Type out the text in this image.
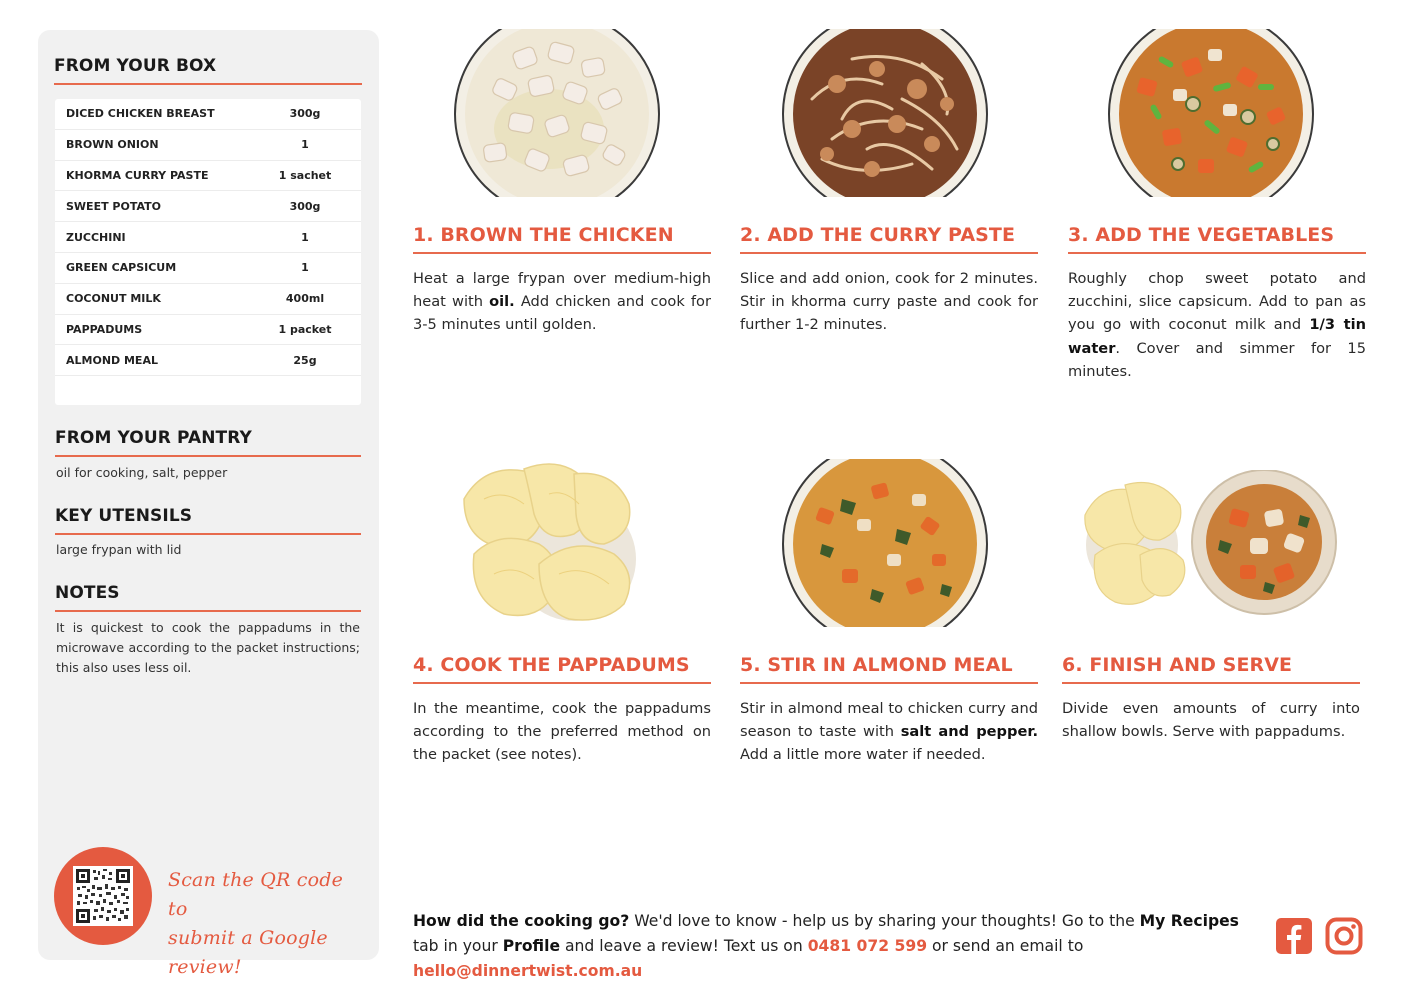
FROM YOUR BOX
DICED CHICKEN BREAST	300g
BROWN ONION	1
KHORMA CURRY PASTE	1 sachet
SWEET POTATO	300g
ZUCCHINI	1
GREEN CAPSICUM	1
COCONUT MILK	400ml
PAPPADUMS	1 packet
ALMOND MEAL	25g
FROM YOUR PANTRY
oil for cooking, salt, pepper
KEY UTENSILS
large frypan with lid
NOTES
It is quickest to cook the pappadums in the microwave according to the packet instructions; this also uses less oil.
Scan the QR code to
submit a Google review!
1. BROWN THE CHICKEN
Heat a large frypan over medium-high heat with oil. Add chicken and cook for 3-5 minutes until golden.
2. ADD THE CURRY PASTE
Slice and add onion, cook for 2 minutes. Stir in khorma curry paste and cook for further 1-2 minutes.
3. ADD THE VEGETABLES
Roughly chop sweet potato and zucchini, slice capsicum. Add to pan as you go with coconut milk and 1/3 tin water. Cover and simmer for 15 minutes.
4. COOK THE PAPPADUMS
In the meantime, cook the pappadums according to the preferred method on the packet (see notes).
5. STIR IN ALMOND MEAL
Stir in almond meal to chicken curry and season to taste with salt and pepper. Add a little more water if needed.
6. FINISH AND SERVE
Divide even amounts of curry into shallow bowls. Serve with pappadums.
How did the cooking go? We'd love to know - help us by sharing your thoughts! Go to the My Recipes tab in your Profile and leave a review! Text us on 0481 072 599 or send an email to hello@dinnertwist.com.au
